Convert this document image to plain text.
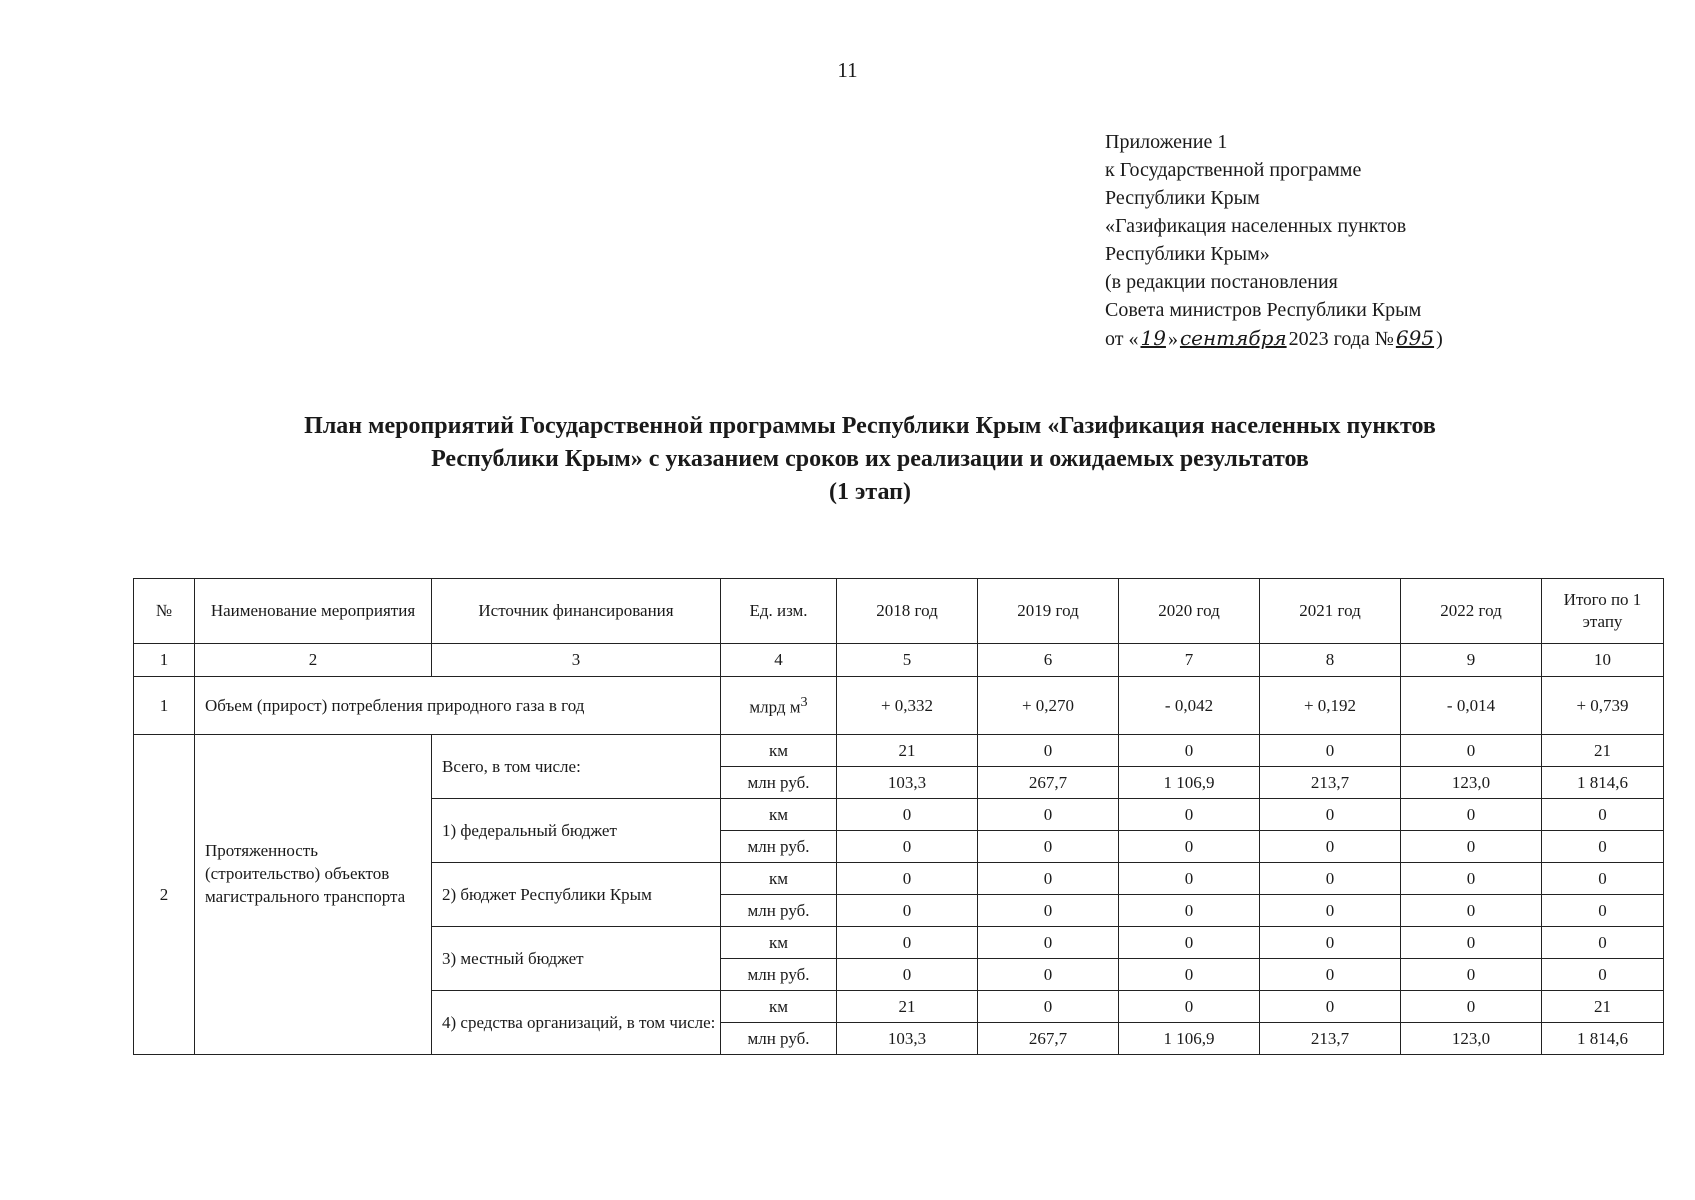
11
Приложение 1
к Государственной программе
Республики Крым
«Газификация населенных пунктов
Республики Крым»
(в редакции постановления
Совета министров Республики Крым
от « 19 » сентября 2023 года № 695 )
План мероприятий Государственной программы Республики Крым «Газификация населенных пунктов
Республики Крым» с указанием сроков их реализации и ожидаемых результатов
(1 этап)
№	Наименование мероприятия	Источник финансирования	Ед. изм.	2018 год	2019 год	2020 год	2021 год	2022 год	Итого по 1 этапу
1	2	3	4	5	6	7	8	9	10
1	Объем (прирост) потребления природного газа в год		млрд $м^3$	+ 0,332	+ 0,270	- 0,042	+ 0,192	- 0,014	+ 0,739
2	Протяженность (строительство) объектов магистрального транспорта	Всего, в том числе:	км	21	0	0	0	0	21
			млн руб.	103,3	267,7	1 106,9	213,7	123,0	1 814,6
		1) федеральный бюджет	км	0	0	0	0	0	0
			млн руб.	0	0	0	0	0	0
		2) бюджет Республики Крым	км	0	0	0	0	0	0
			млн руб.	0	0	0	0	0	0
		3) местный бюджет	км	0	0	0	0	0	0
			млн руб.	0	0	0	0	0	0
		4) средства организаций, в том числе:	км	21	0	0	0	0	21
			млн руб.	103,3	267,7	1 106,9	213,7	123,0	1 814,6
